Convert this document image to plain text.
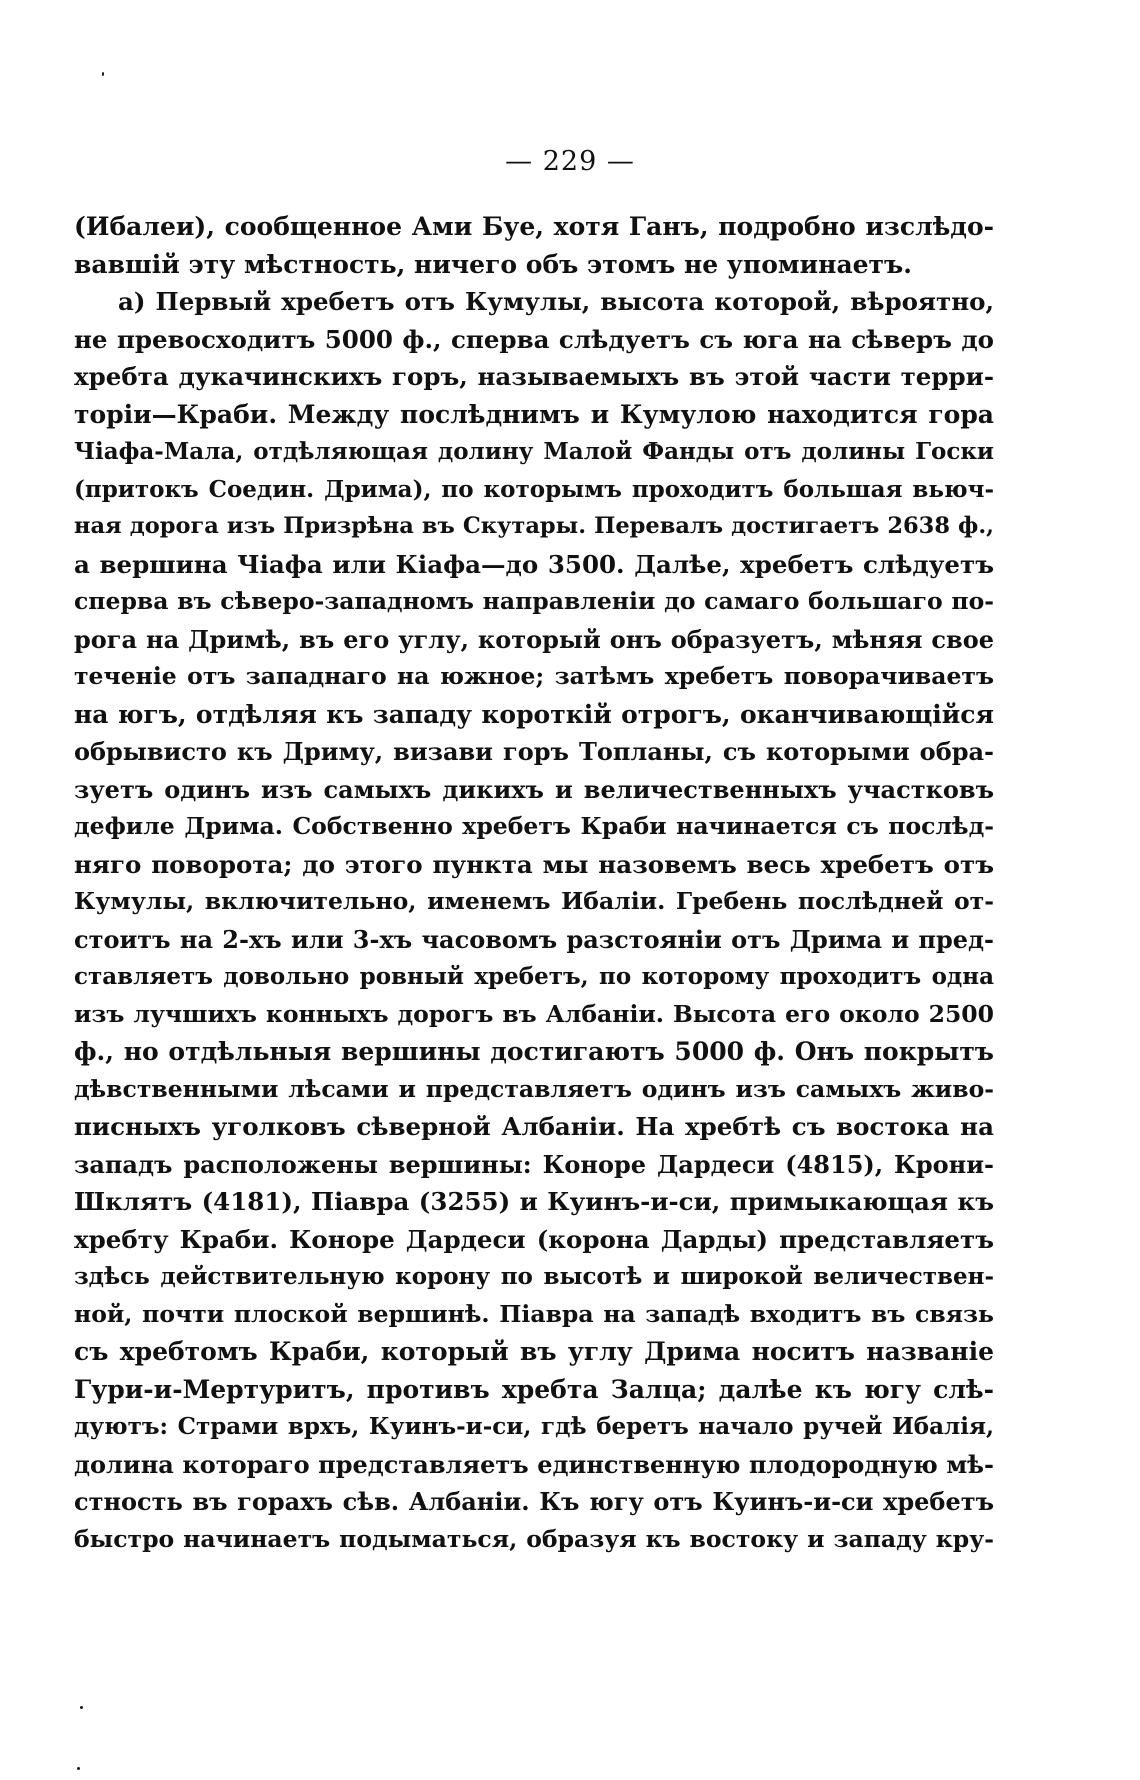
— 229 —
(Ибалеи), сообщенное Ами Буе, хотя Ганъ, подробно изслѣдо-
вавшій эту мѣстность, ничего объ этомъ не упоминаетъ.
а) Первый хребетъ отъ Кумулы, высота которой, вѣроятно,
не превосходитъ 5000 ф., сперва слѣдуетъ съ юга на сѣверъ до
хребта дукачинскихъ горъ, называемыхъ въ этой части терри-
торіи—Краби. Между послѣднимъ и Кумулою находится гора
Чіафа-Мала, отдѣляющая долину Малой Фанды отъ долины Госки
(притокъ Соедин. Дрима), по которымъ проходитъ большая вьюч-
ная дорога изъ Призрѣна въ Скутары. Перевалъ достигаетъ 2638 ф.,
а вершина Чіафа или Кіафа—до 3500. Далѣе, хребетъ слѣдуетъ
сперва въ сѣверо-западномъ направленіи до самаго большаго по-
рога на Дримѣ, въ его углу, который онъ образуетъ, мѣняя свое
теченіе отъ западнаго на южное; затѣмъ хребетъ поворачиваетъ
на югъ, отдѣляя къ западу короткій отрогъ, оканчивающійся
обрывисто къ Дриму, визави горъ Топланы, съ которыми обра-
зуетъ одинъ изъ самыхъ дикихъ и величественныхъ участковъ
дефиле Дрима. Собственно хребетъ Краби начинается съ послѣд-
няго поворота; до этого пункта мы назовемъ весь хребетъ отъ
Кумулы, включительно, именемъ Ибаліи. Гребень послѣдней от-
стоитъ на 2-хъ или 3-хъ часовомъ разстояніи отъ Дрима и пред-
ставляетъ довольно ровный хребетъ, по которому проходитъ одна
изъ лучшихъ конныхъ дорогъ въ Албаніи. Высота его около 2500
ф., но отдѣльныя вершины достигаютъ 5000 ф. Онъ покрытъ
дѣвственными лѣсами и представляетъ одинъ изъ самыхъ живо-
писныхъ уголковъ сѣверной Албаніи. На хребтѣ съ востока на
западъ расположены вершины: Коноре Дардеси (4815), Крони-
Шклятъ (4181), Піавра (3255) и Куинъ-и-си, примыкающая къ
хребту Краби. Коноре Дардеси (корона Дарды) представляетъ
здѣсь действительную корону по высотѣ и широкой величествен-
ной, почти плоской вершинѣ. Піавра на западѣ входитъ въ связь
съ хребтомъ Краби, который въ углу Дрима носитъ названіе
Гури-и-Мертуритъ, противъ хребта Залца; далѣе къ югу слѣ-
дуютъ: Страми врхъ, Куинъ-и-си, гдѣ беретъ начало ручей Ибалія,
долина котораго представляетъ единственную плодородную мѣ-
стность въ горахъ сѣв. Албаніи. Къ югу отъ Куинъ-и-си хребетъ
быстро начинаетъ подыматься, образуя къ востоку и западу кру-
